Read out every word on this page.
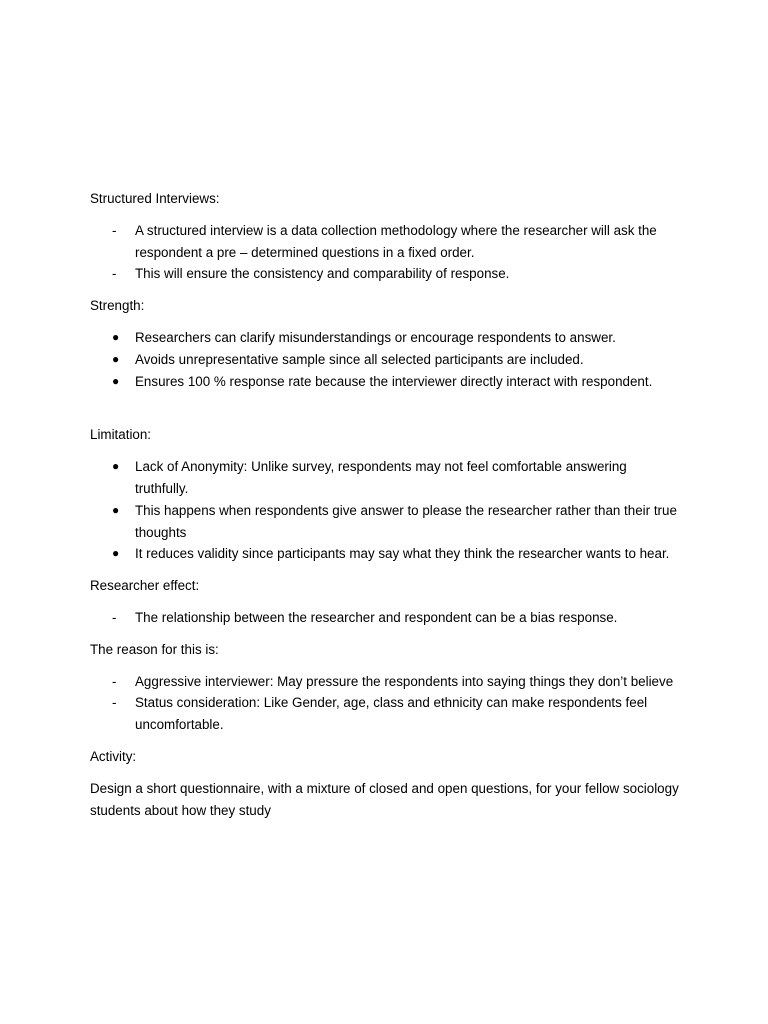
Structured Interviews:

-	A structured interview is a data collection methodology where the researcher will ask the respondent a pre – determined questions in a fixed order.
-	This will ensure the consistency and comparability of response.

Strength:

●	Researchers can clarify misunderstandings or encourage respondents to answer.
●	Avoids unrepresentative sample since all selected participants are included.
●	Ensures 100 % response rate because the interviewer directly interact with respondent.

Limitation:

●	Lack of Anonymity: Unlike survey, respondents may not feel comfortable answering truthfully.
●	This happens when respondents give answer to please the researcher rather than their true thoughts
●	It reduces validity since participants may say what they think the researcher wants to hear.

Researcher effect:

-	The relationship between the researcher and respondent can be a bias response.

The reason for this is:

-	Aggressive interviewer: May pressure the respondents into saying things they don’t believe
-	Status consideration: Like Gender, age, class and ethnicity can make respondents feel uncomfortable.

Activity:

Design a short questionnaire, with a mixture of closed and open questions, for your fellow sociology students about how they study
